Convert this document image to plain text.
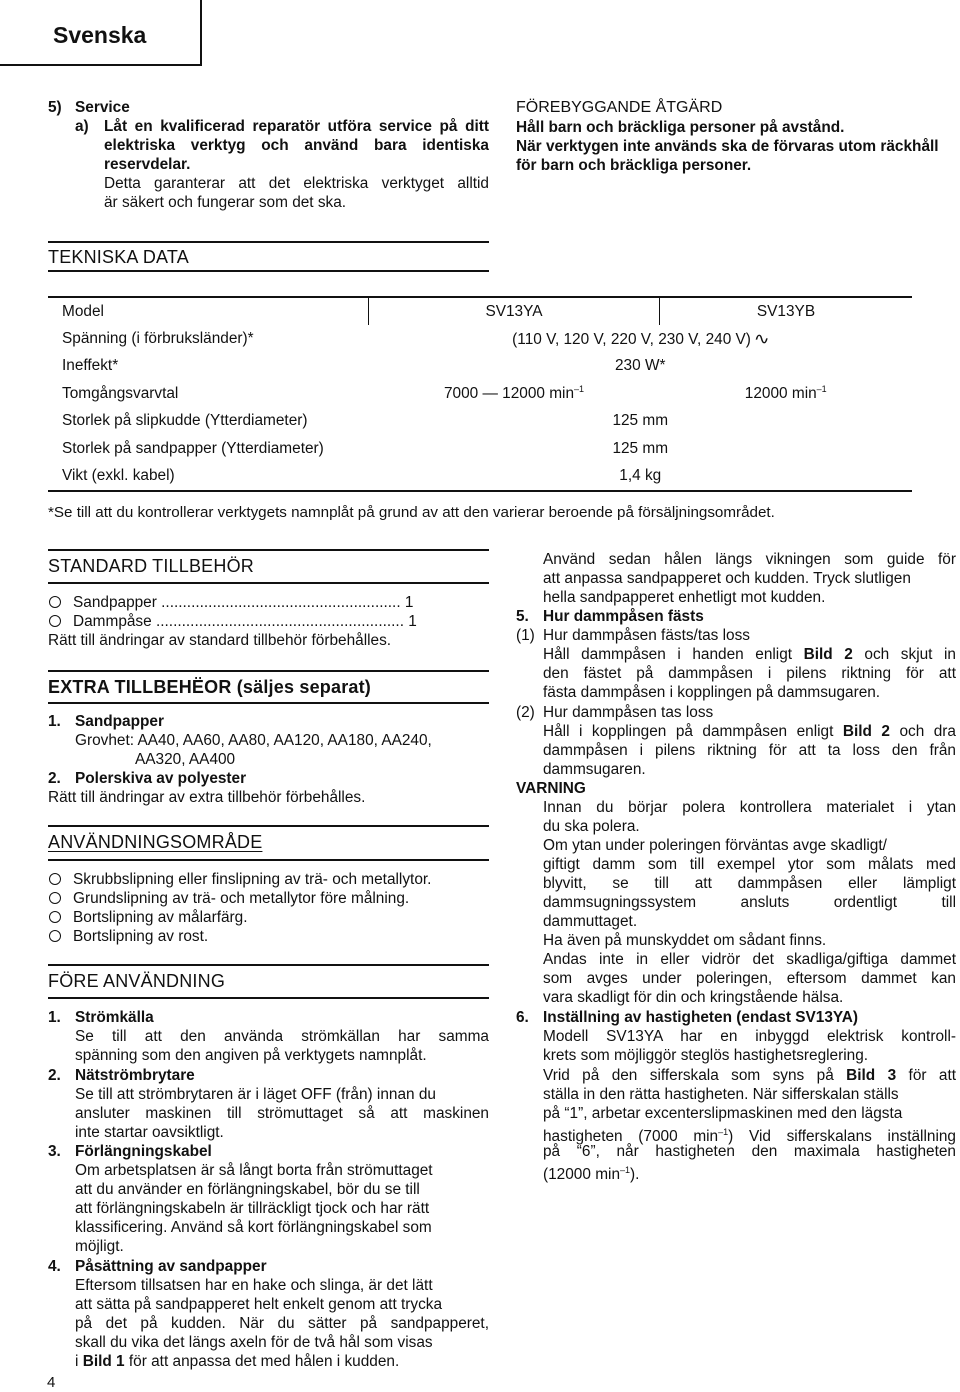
Svenska
5) Service
a) Låt en kvalificerad reparatör utföra service på ditt
elektriska verktyg och använd bara identiska
reservdelar.
Detta garanterar att det elektriska verktyget alltid
är säkert och fungerar som det ska.
FÖREBYGGANDE ÅTGÄRD
Håll barn och bräckliga personer på avstånd.
När verktygen inte används ska de förvaras utom räckhåll
för barn och bräckliga personer.
TEKNISKA DATA
Model	SV13YA	SV13YB
Spänning (i förbruksländer)*	(110 V, 120 V, 220 V, 230 V, 240 V) ∿	
Ineffekt*	230 W*	
Tomgångsvarvtal	7000 — 12000 $\min^{-1}$	12000 $\min^{-1}$
Storlek på slipkudde (Ytterdiameter)	125 mm	
Storlek på sandpapper (Ytterdiameter)	125 mm	
Vikt (exkl. kabel)	1,4 kg	
*Se till att du kontrollerar verktygets namnplåt på grund av att den varierar beroende på försäljningsområdet.
STANDARD TILLBEHÖR
Sandpapper ........................................................ 1
Dammpåse .......................................................... 1
Rätt till ändringar av standard tillbehör förbehålles.
EXTRA TILLBEHËOR (säljes separat)
1. Sandpapper
Grovhet: AA40, AA60, AA80, AA120, AA180, AA240,
AA320, AA400
2. Polerskiva av polyester
Rätt till ändringar av extra tillbehör förbehålles.
ANVÄNDNINGSOMRÅDE
Skrubbslipning eller finslipning av trä- och metallytor.
Grundslipning av trä- och metallytor före målning.
Bortslipning av målarfärg.
Bortslipning av rost.
FÖRE ANVÄNDNING
1. Strömkälla
Se till att den använda strömkällan har samma
spänning som den angiven på verktygets namnplåt.
2. Nätströmbrytare
Se till att strömbrytaren är i läget OFF (från) innan du
ansluter maskinen till strömuttaget så att maskinen
inte startar oavsiktligt.
3. Förlängningskabel
Om arbetsplatsen är så långt borta från strömuttaget
att du använder en förlängningskabel, bör du se till
att förlängningskabeln är tillräckligt tjock och har rätt
klassificering. Använd så kort förlängningskabel som
möjligt.
4. Påsättning av sandpapper
Eftersom tillsatsen har en hake och slinga, är det lätt
att sätta på sandpapperet helt enkelt genom att trycka
på det på kudden. När du sätter på sandpapperet,
skall du vika det längs axeln för de två hål som visas
i Bild 1 för att anpassa det med hålen i kudden.
Använd sedan hålen längs vikningen som guide för
att anpassa sandpapperet och kudden. Tryck slutligen
hella sandpapperet enhetligt mot kudden.
5. Hur dammpåsen fästs
(1) Hur dammpåsen fästs/tas loss
Håll dammpåsen i handen enligt Bild 2 och skjut in
den fästet på dammpåsen i pilens riktning för att
fästa dammpåsen i kopplingen på dammsugaren.
(2) Hur dammpåsen tas loss
Håll i kopplingen på dammpåsen enligt Bild 2 och dra
dammpåsen i pilens riktning för att ta loss den från
dammsugaren.
VARNING
Innan du börjar polera kontrollera materialet i ytan
du ska polera.
Om ytan under poleringen förväntas avge skadligt/
giftigt damm som till exempel ytor som målats med
blyvitt, se till att dammpåsen eller lämpligt
dammsugningssystem ansluts ordentligt till
dammuttaget.
Ha även på munskyddet om sådant finns.
Andas inte in eller vidrör det skadliga/giftiga dammet
som avges under poleringen, eftersom dammet kan
vara skadligt för din och kringstående hälsa.
6. Inställning av hastigheten (endast SV13YA)
Modell SV13YA har en inbyggd elektrisk kontroll-
krets som möjliggör steglös hastighetsreglering.
Vrid på den sifferskala som syns på Bild 3 för att
ställa in den rätta hastigheten. När sifferskalan ställs
på “1”, arbetar excenterslipmaskinen med den lägsta
hastigheten (7000 $\min^{-1}$) Vid sifferskalans inställning
på “6”, når hastigheten den maximala hastigheten
(12000 $\min^{-1}$).
4
